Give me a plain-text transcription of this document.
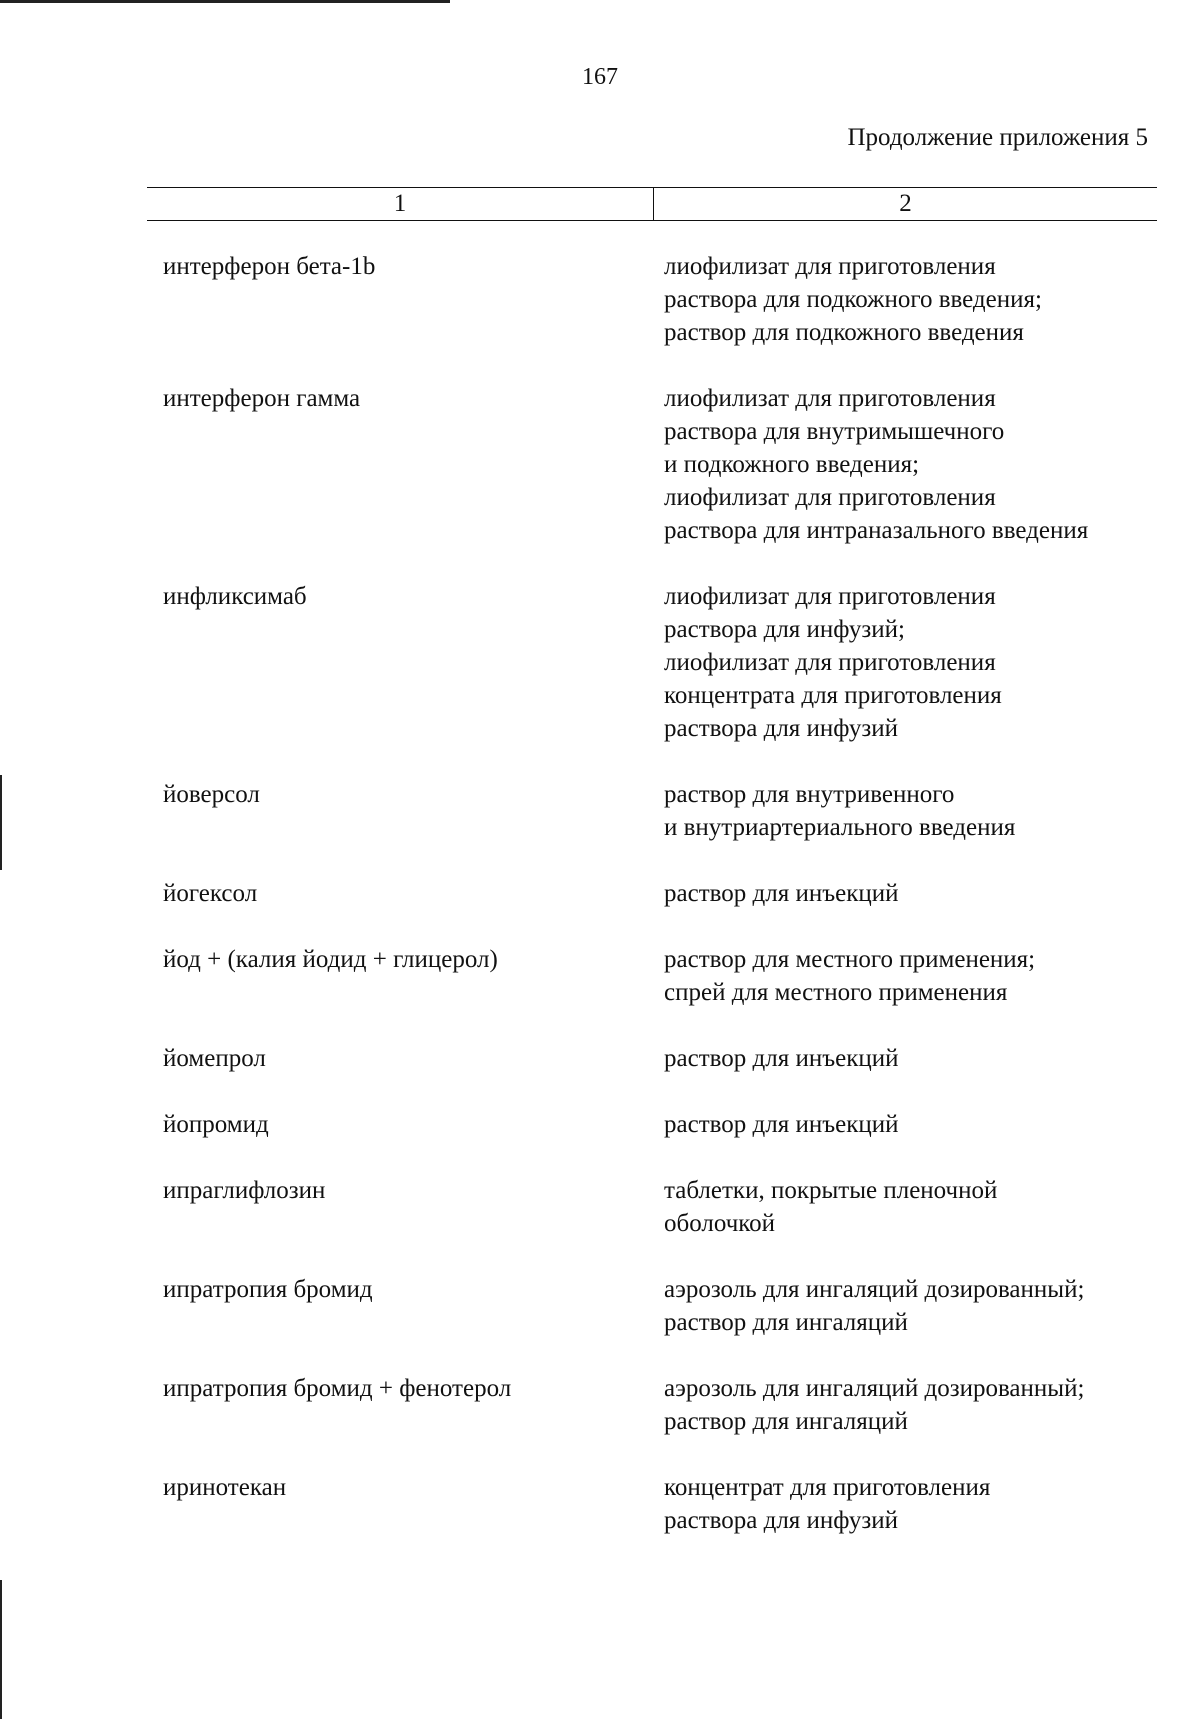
167
Продолжение приложения 5
1	2
интерферон бета-1b	лиофилизат для приготовления
раствора для подкожного введения;
раствор для подкожного введения
интерферон гамма	лиофилизат для приготовления
раствора для внутримышечного
и подкожного введения;
лиофилизат для приготовления
раствора для интраназального введения
инфликсимаб	лиофилизат для приготовления
раствора для инфузий;
лиофилизат для приготовления
концентрата для приготовления
раствора для инфузий
йоверсол	раствор для внутривенного
и внутриартериального введения
йогексол	раствор для инъекций
йод + (калия йодид + глицерол)	раствор для местного применения;
спрей для местного применения
йомепрол	раствор для инъекций
йопромид	раствор для инъекций
ипраглифлозин	таблетки, покрытые пленочной
оболочкой
ипратропия бромид	аэрозоль для ингаляций дозированный;
раствор для ингаляций
ипратропия бромид + фенотерол	аэрозоль для ингаляций дозированный;
раствор для ингаляций
иринотекан	концентрат для приготовления
раствора для инфузий
